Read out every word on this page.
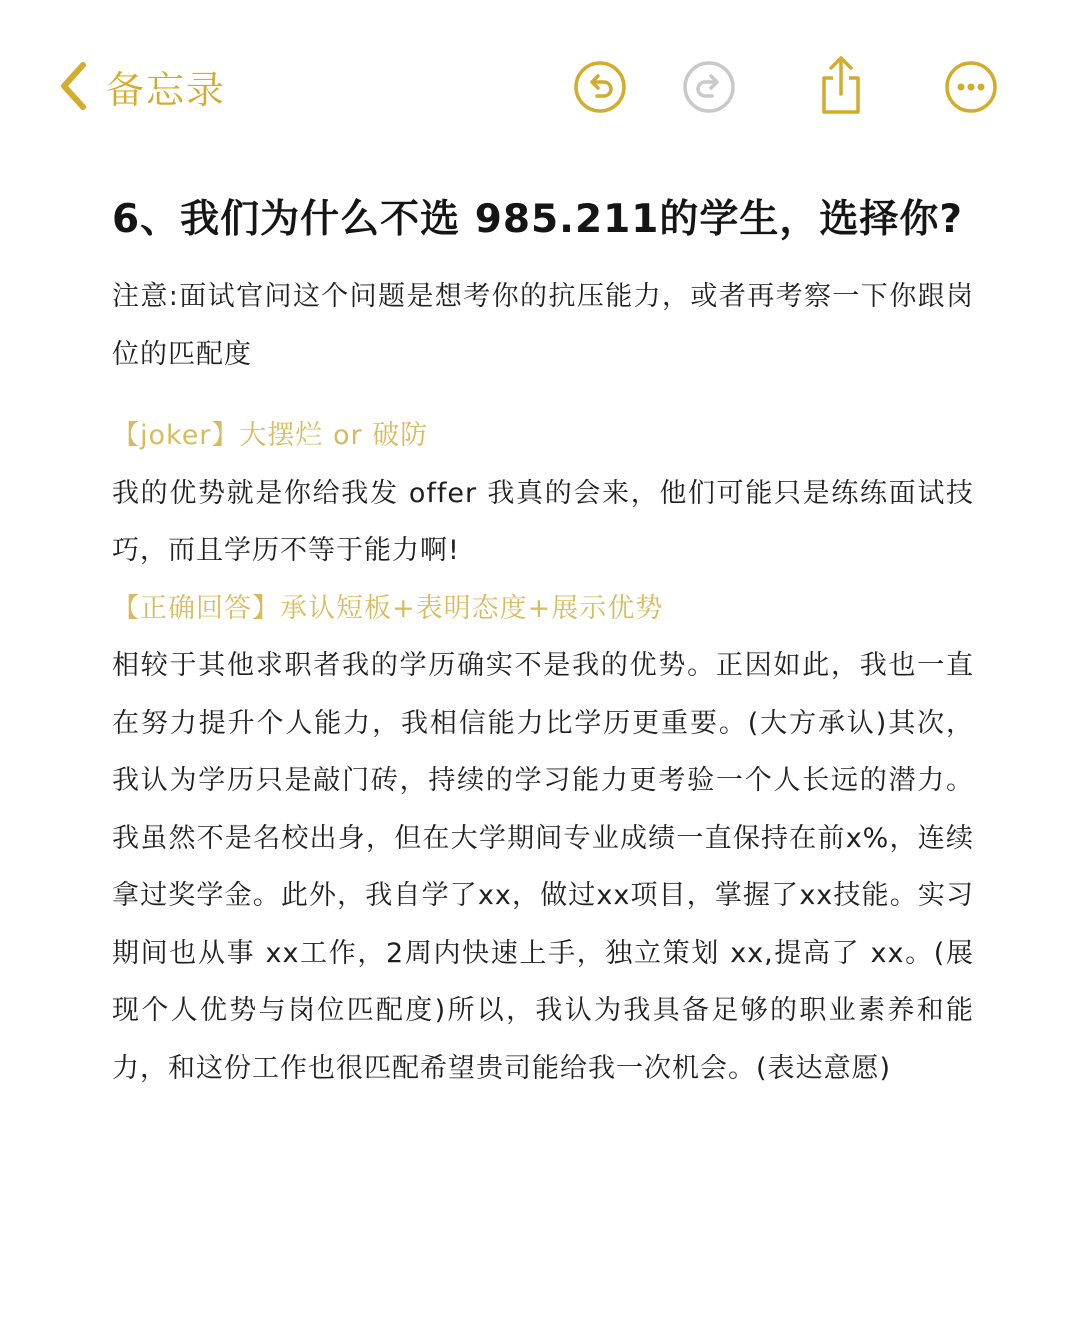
备忘录
6、我们为什么不选 985.211的学生，选择你?

注意:面试官问这个问题是想考你的抗压能力，或者再考察一下你跟岗位的匹配度

【joker】大摆烂 or 破防

我的优势就是你给我发 offer 我真的会来，他们可能只是练练面试技巧，而且学历不等于能力啊!

【正确回答】承认短板+表明态度+展示优势

相较于其他求职者我的学历确实不是我的优势。正因如此，我也一直在努力提升个人能力，我相信能力比学历更重要。(大方承认)其次，我认为学历只是敲门砖，持续的学习能力更考验一个人长远的潜力。我虽然不是名校出身，但在大学期间专业成绩一直保持在前x%，连续拿过奖学金。此外，我自学了xx，做过xx项目，掌握了xx技能。实习期间也从事 xx工作，2周内快速上手，独立策划 xx,提高了 xx。(展现个人优势与岗位匹配度)所以，我认为我具备足够的职业素养和能力，和这份工作也很匹配希望贵司能给我一次机会。(表达意愿)
